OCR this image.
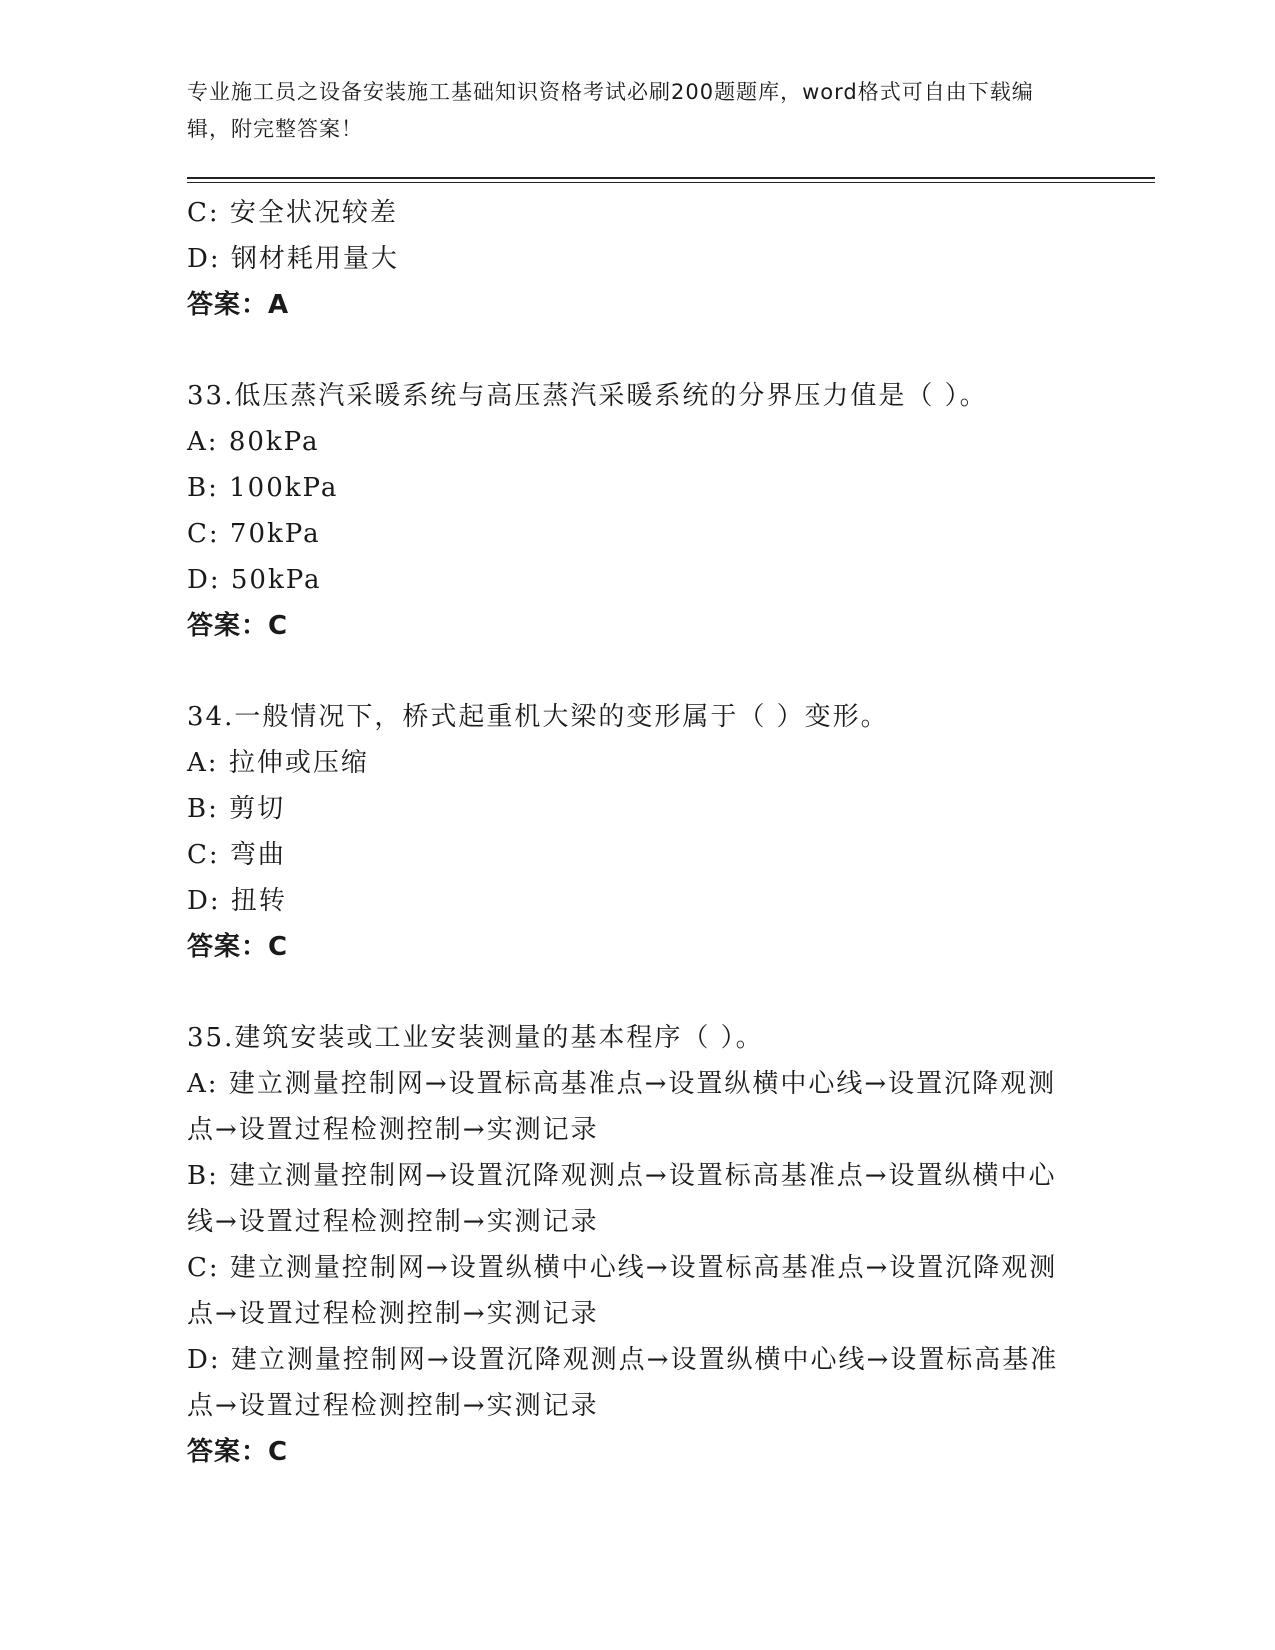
专业施工员之设备安装施工基础知识资格考试必刷200题题库，word格式可自由下载编辑，附完整答案！
C: 安全状况较差
D: 钢材耗用量大
答案：A
33.低压蒸汽采暖系统与高压蒸汽采暖系统的分界压力值是（ ）。
A: 80kPa
B: 100kPa
C: 70kPa
D: 50kPa
答案：C
34.一般情况下，桥式起重机大梁的变形属于（ ）变形。
A: 拉伸或压缩
B: 剪切
C: 弯曲
D: 扭转
答案：C
35.建筑安装或工业安装测量的基本程序（ ）。
A: 建立测量控制网→设置标高基准点→设置纵横中心线→设置沉降观测点→设置过程检测控制→实测记录
B: 建立测量控制网→设置沉降观测点→设置标高基准点→设置纵横中心线→设置过程检测控制→实测记录
C: 建立测量控制网→设置纵横中心线→设置标高基准点→设置沉降观测点→设置过程检测控制→实测记录
D: 建立测量控制网→设置沉降观测点→设置纵横中心线→设置标高基准点→设置过程检测控制→实测记录
答案：C
